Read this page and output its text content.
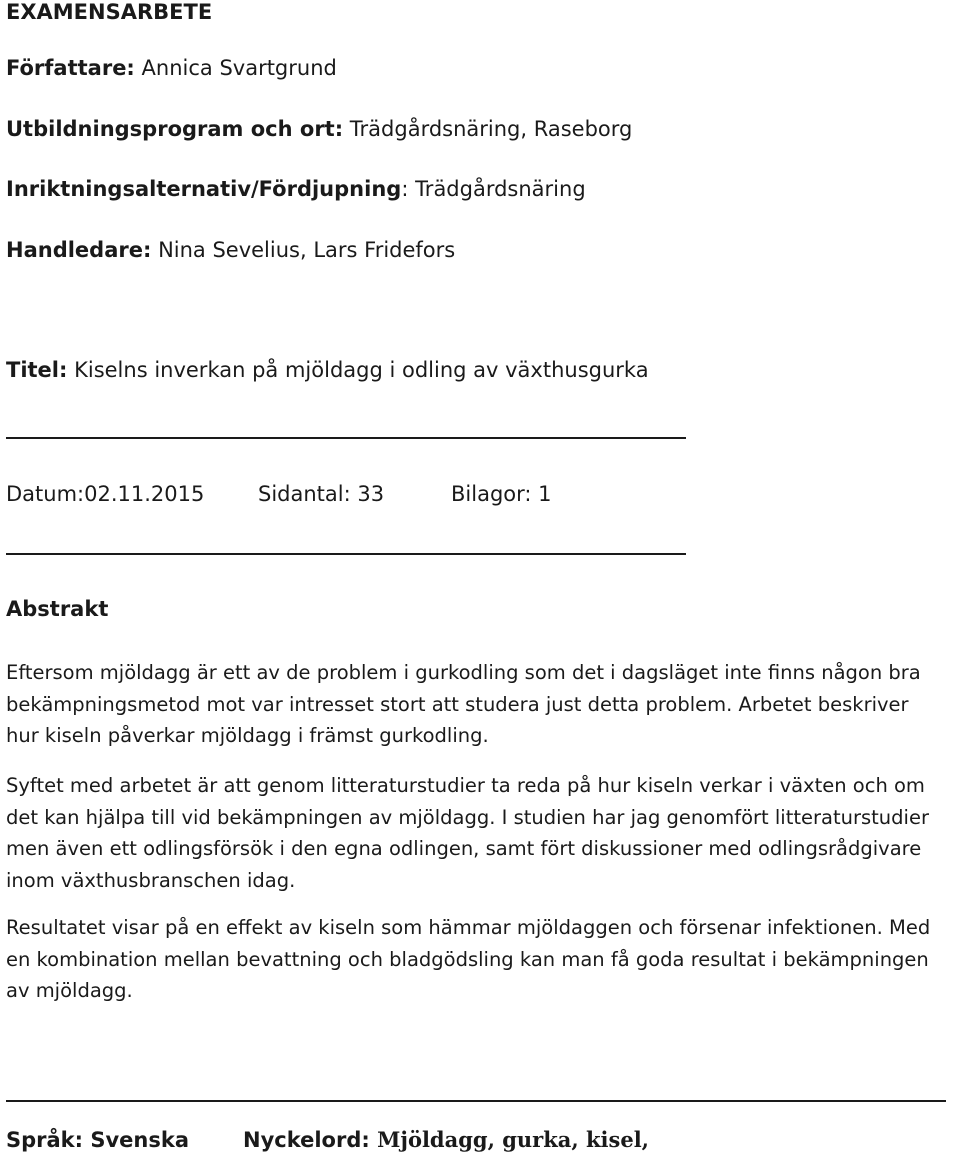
EXAMENSARBETE
Författare: Annica Svartgrund
Utbildningsprogram och ort: Trädgårdsnäring, Raseborg
Inriktningsalternativ/Fördjupning: Trädgårdsnäring
Handledare: Nina Sevelius, Lars Fridefors
Titel: Kiselns inverkan på mjöldagg i odling av växthusgurka
Datum:02.11.2015	Sidantal: 33	Bilagor: 1
Abstrakt

Eftersom mjöldagg är ett av de problem i gurkodling som det i dagsläget inte finns någon bra bekämpningsmetod mot var intresset stort att studera just detta problem. Arbetet beskriver hur kiseln påverkar mjöldagg i främst gurkodling.

Syftet med arbetet är att genom litteraturstudier ta reda på hur kiseln verkar i växten och om det kan hjälpa till vid bekämpningen av mjöldagg. I studien har jag genomfört litteraturstudier men även ett odlingsförsök i den egna odlingen, samt fört diskussioner med odlingsrådgivare inom växthusbranschen idag.

Resultatet visar på en effekt av kiseln som hämmar mjöldaggen och försenar infektionen. Med en kombination mellan bevattning och bladgödsling kan man få goda resultat i bekämpningen av mjöldagg.

Språk: Svenska	Nyckelord: Mjöldagg, gurka, kisel,
